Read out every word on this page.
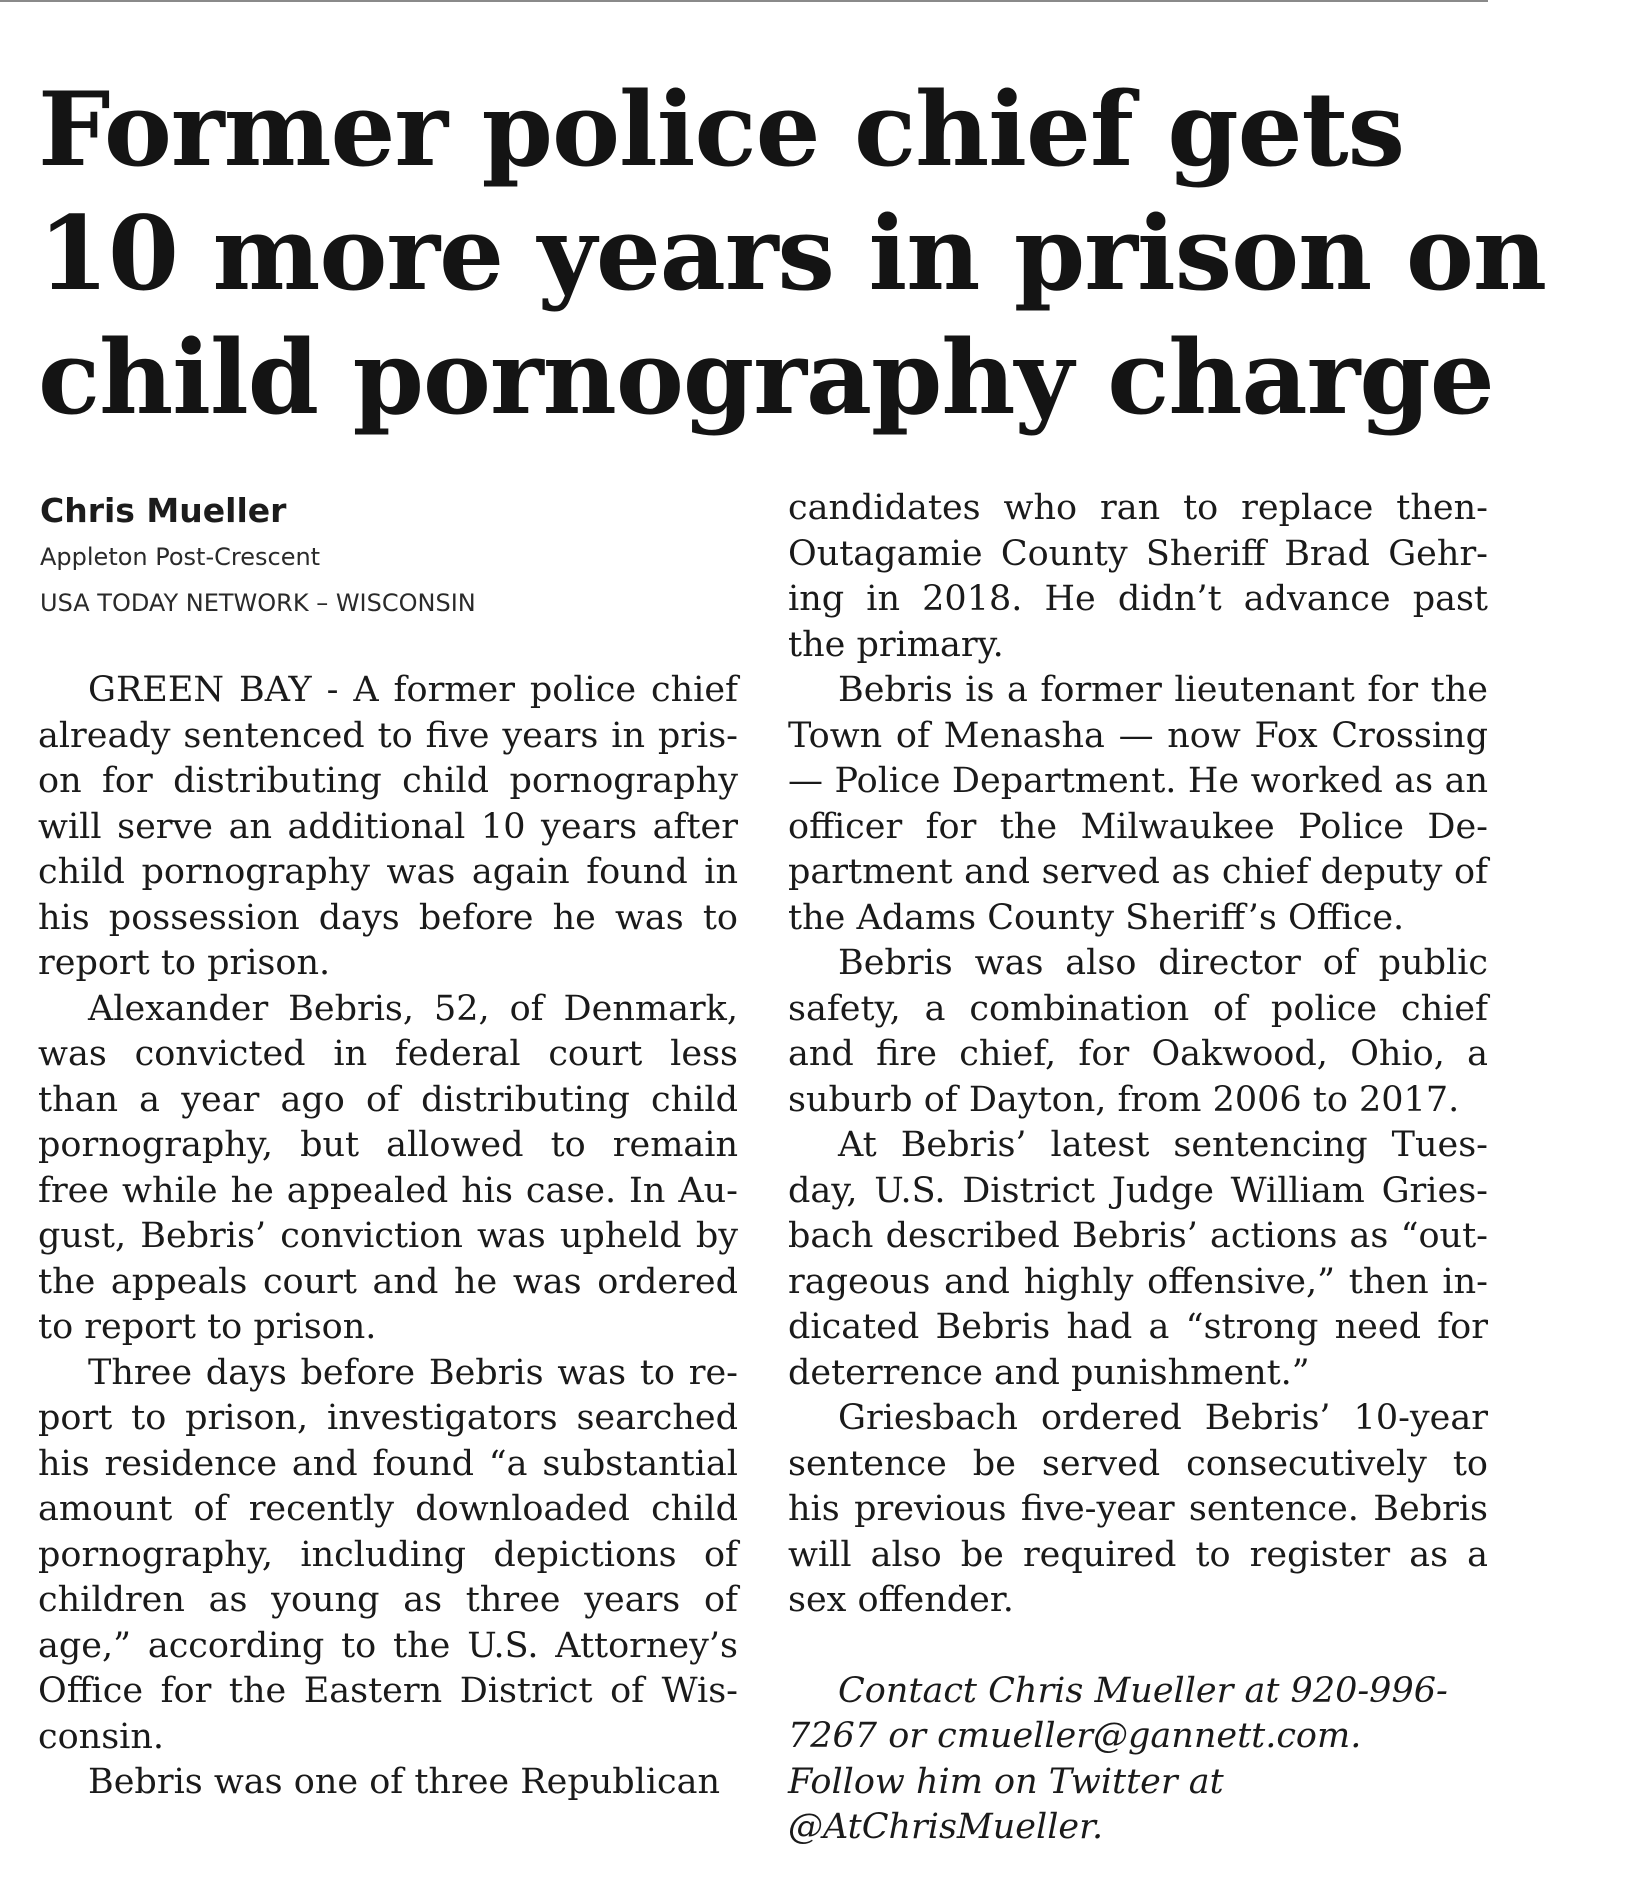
Former police chief gets
10 more years in prison on
child pornography charge
Chris Mueller
Appleton Post-Crescent
USA TODAY NETWORK – WISCONSIN

GREEN BAY - A former police chief already sentenced to five years in prison for distributing child pornography will serve an additional 10 years after child pornography was again found in his possession days before he was to report to prison.

Alexander Bebris, 52, of Denmark, was convicted in federal court less than a year ago of distributing child pornography, but allowed to remain free while he appealed his case. In August, Bebris’ conviction was upheld by the appeals court and he was ordered to report to prison.

Three days before Bebris was to report to prison, investigators searched his residence and found “a substantial amount of recently downloaded child pornography, including depictions of children as young as three years of age,” according to the U.S. Attorney’s Office for the Eastern District of Wisconsin.

Bebris was one of three Republican

candidates who ran to replace then-Outagamie County Sheriff Brad Gehring in 2018. He didn’t advance past the primary.

Bebris is a former lieutenant for the Town of Menasha — now Fox Crossing — Police Department. He worked as an officer for the Milwaukee Police Department and served as chief deputy of the Adams County Sheriff’s Office.

Bebris was also director of public safety, a combination of police chief and fire chief, for Oakwood, Ohio, a suburb of Dayton, from 2006 to 2017.

At Bebris’ latest sentencing Tuesday, U.S. District Judge William Griesbach described Bebris’ actions as “outrageous and highly offensive,” then indicated Bebris had a “strong need for deterrence and punishment.”

Griesbach ordered Bebris’ 10-year sentence be served consecutively to his previous five-year sentence. Bebris will also be required to register as a sex offender.

Contact Chris Mueller at 920-996-7267 or cmueller@gannett.com. Follow him on Twitter at @AtChrisMueller.
